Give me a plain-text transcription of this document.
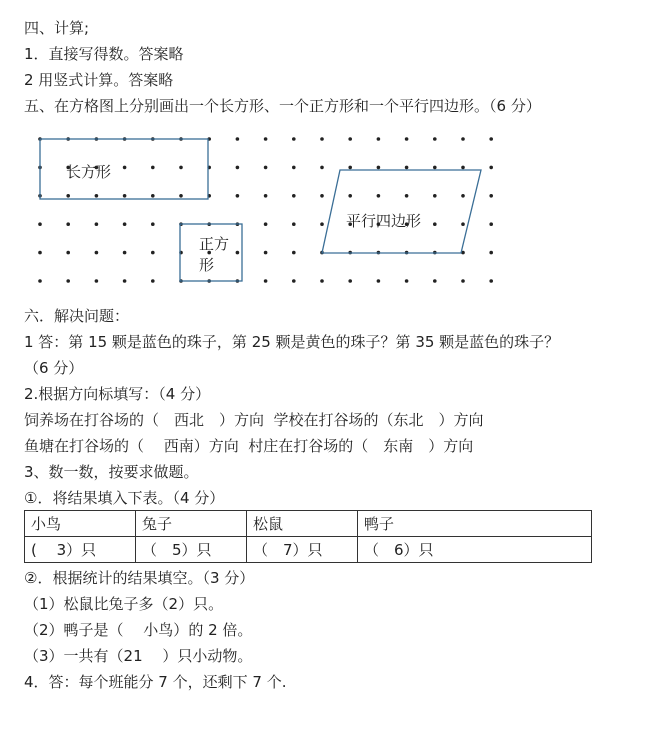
四、计算;
1．直接写得数。答案略
2 用竖式计算。答案略
五、在方格图上分别画出一个长方形、一个正方形和一个平行四边形。（6 分）
长方形
正方
形
平行四边形
六．解决问题：
1 答：第 15 颗是蓝色的珠子，第 25 颗是黄色的珠子？第 35 颗是蓝色的珠子？
（6 分）
2.根据方向标填写：（4 分）
饲养场在打谷场的（　西北　）方向  学校在打谷场的（东北　）方向
鱼塘在打谷场的（　 西南）方向  村庄在打谷场的（　东南　）方向
3、数一数，按要求做题。
①．将结果填入下表。（4 分）
小鸟	兔子	松鼠	鸭子
(　 3）只	（　5）只	（　7）只	（　6）只
②．根据统计的结果填空。（3 分）
（1）松鼠比兔子多（2）只。
（2）鸭子是（　 小鸟）的 2 倍。
（3）一共有（21　 ）只小动物。
4．答：每个班能分 7 个，还剩下 7 个.
